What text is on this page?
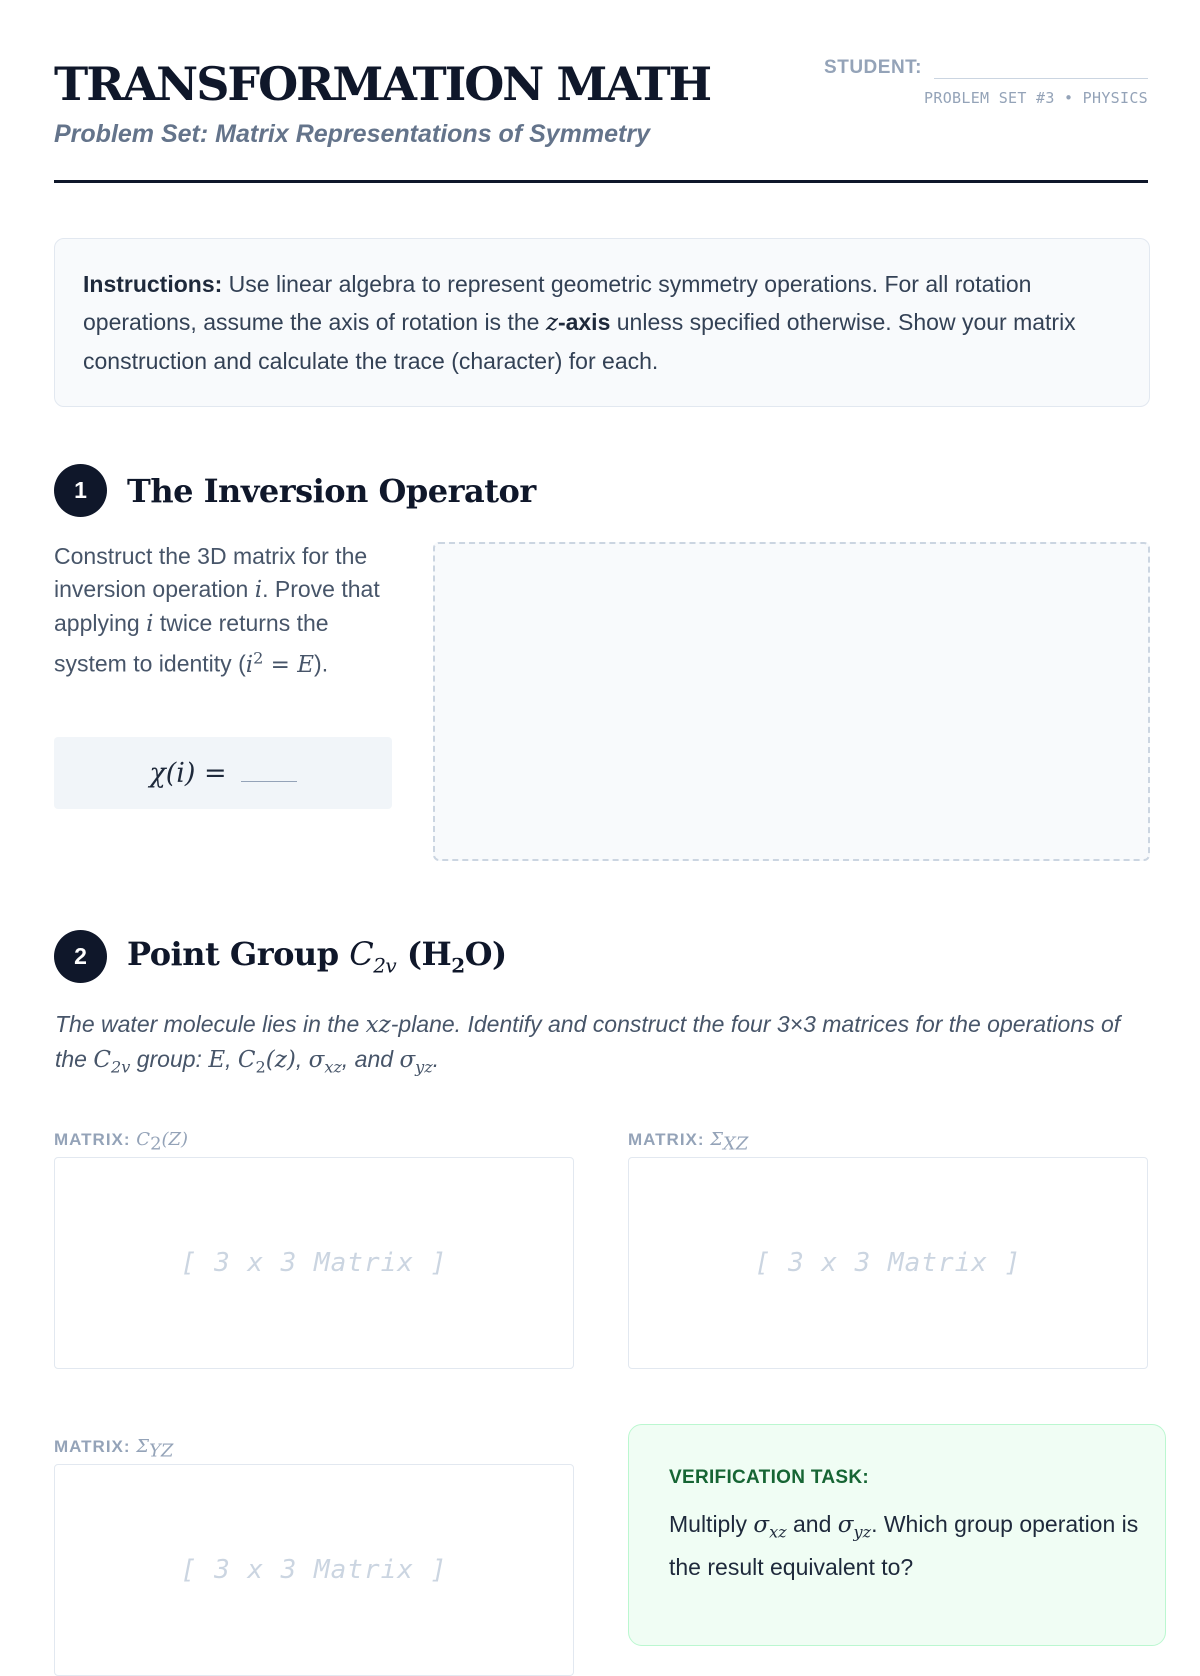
TRANSFORMATION MATH
Problem Set: Matrix Representations of Symmetry
STUDENT:
PROBLEM SET #3 • PHYSICS
Instructions: Use linear algebra to represent geometric symmetry operations. For all rotation operations, assume the axis of rotation is the z-axis unless specified otherwise. Show your matrix construction and calculate the trace (character) for each.
1	The Inversion Operator
Construct the 3D matrix for the inversion operation i. Prove that applying i twice returns the system to identity $(i^2 = E)$.
χ(i) =
2	Point Group $C_{2v}$ $(H_2O)$
The water molecule lies in the xz-plane. Identify and construct the four 3×3 matrices for the operations of the $C_{2v}$ group: E, $C_2(z)$, $\sigma_{xz}$, and $\sigma_{yz}$.
MATRIX: $C_2(Z)$
[ 3 x 3 Matrix ]
MATRIX: $\Sigma_{XZ}$
[ 3 x 3 Matrix ]
MATRIX: $\Sigma_{YZ}$
[ 3 x 3 Matrix ]
VERIFICATION TASK:
Multiply $\sigma_{xz}$ and $\sigma_{yz}$. Which group operation is the result equivalent to?
